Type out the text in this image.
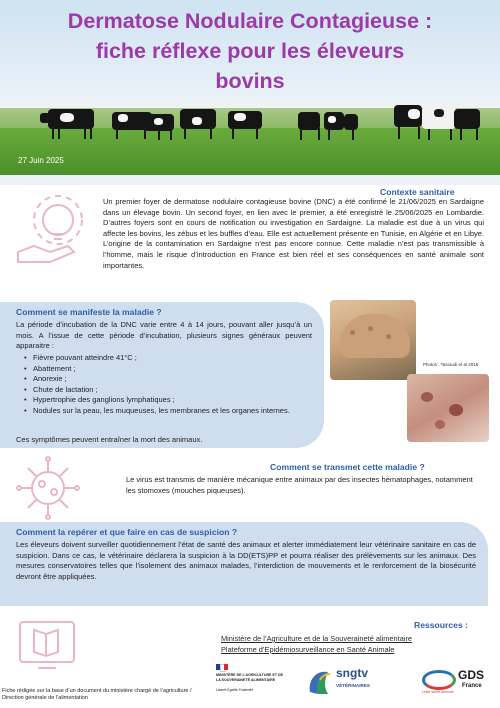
Dermatose Nodulaire Contagieuse :
fiche réflexe pour les éleveurs
bovins
27 Juin 2025
Contexte sanitaire
Un premier foyer de dermatose nodulaire contagieuse bovine (DNC) a été confirmé le 21/06/2025 en Sardaigne dans un élevage bovin. Un second foyer, en lien avec le premier, a été enregistré le 25/06/2025 en Lombardie. D’autres foyers sont en cours de notification ou investigation en Sardaigne. La maladie est due à un virus qui affecte les bovins, les zébus et les buffles d’eau. Elle est actuellement présente en Tunisie, en Algérie et en Libye. L’origine de la contamination en Sardaigne n’est pas encore connue. Cette maladie n’est pas transmissible à l’homme, mais le risque d’introduction en France est bien réel et ses conséquences en santé animale sont importantes.
Comment se manifeste la maladie ?
La période d’incubation de la DNC varie entre 4 à 14 jours, pouvant aller jusqu’à un mois. A l’issue de cette période d’incubation, plusieurs signes généraux peuvent apparaitre :
• Fièvre pouvant atteindre 41°C ;
• Abattement ;
• Anorexie ;
• Chute de lactation ;
• Hypertrophie des ganglions lymphatiques ;
• Nodules sur la peau, les muqueuses, les membranes et les organes internes.
Ces symptômes peuvent entraîner la mort des animaux.
Photos : Tasioudi et al 2016
Comment se transmet cette maladie ?
Le virus est transmis de manière mécanique entre animaux par des insectes hématophages, notamment les stomoxes (mouches piqueuses).
Comment la repérer et que faire en cas de suspicion ?
Les éleveurs doivent surveiller quotidiennement l’état de santé des animaux et alerter immédiatement leur vétérinaire sanitaire en cas de suspicion. Dans ce cas, le vétérinaire déclarera la suspicion à la DD(ETS)PP et pourra réaliser des prélèvements sur les animaux. Des mesures conservatoires telles que l’isolement des animaux malades, l’interdiction de mouvements et le renforcement de la biosécurité devront être appliquées.
Ressources :
Ministère de l’Agriculture et de la Souveraineté alimentaire
Plateforme d’Epidémiosurveillance en Santé Animale
Fiche rédigée sur la base d’un document du ministère chargé de l’agriculture / Direction générale de l’alimentation
MINISTÈRE DE L’AGRICULTURE ET DE LA SOUVERAINETÉ ALIMENTAIRE
Liberté Égalité Fraternité
sngtv
VÉTÉRINAIRES
GDS
France
Unité santé animale
